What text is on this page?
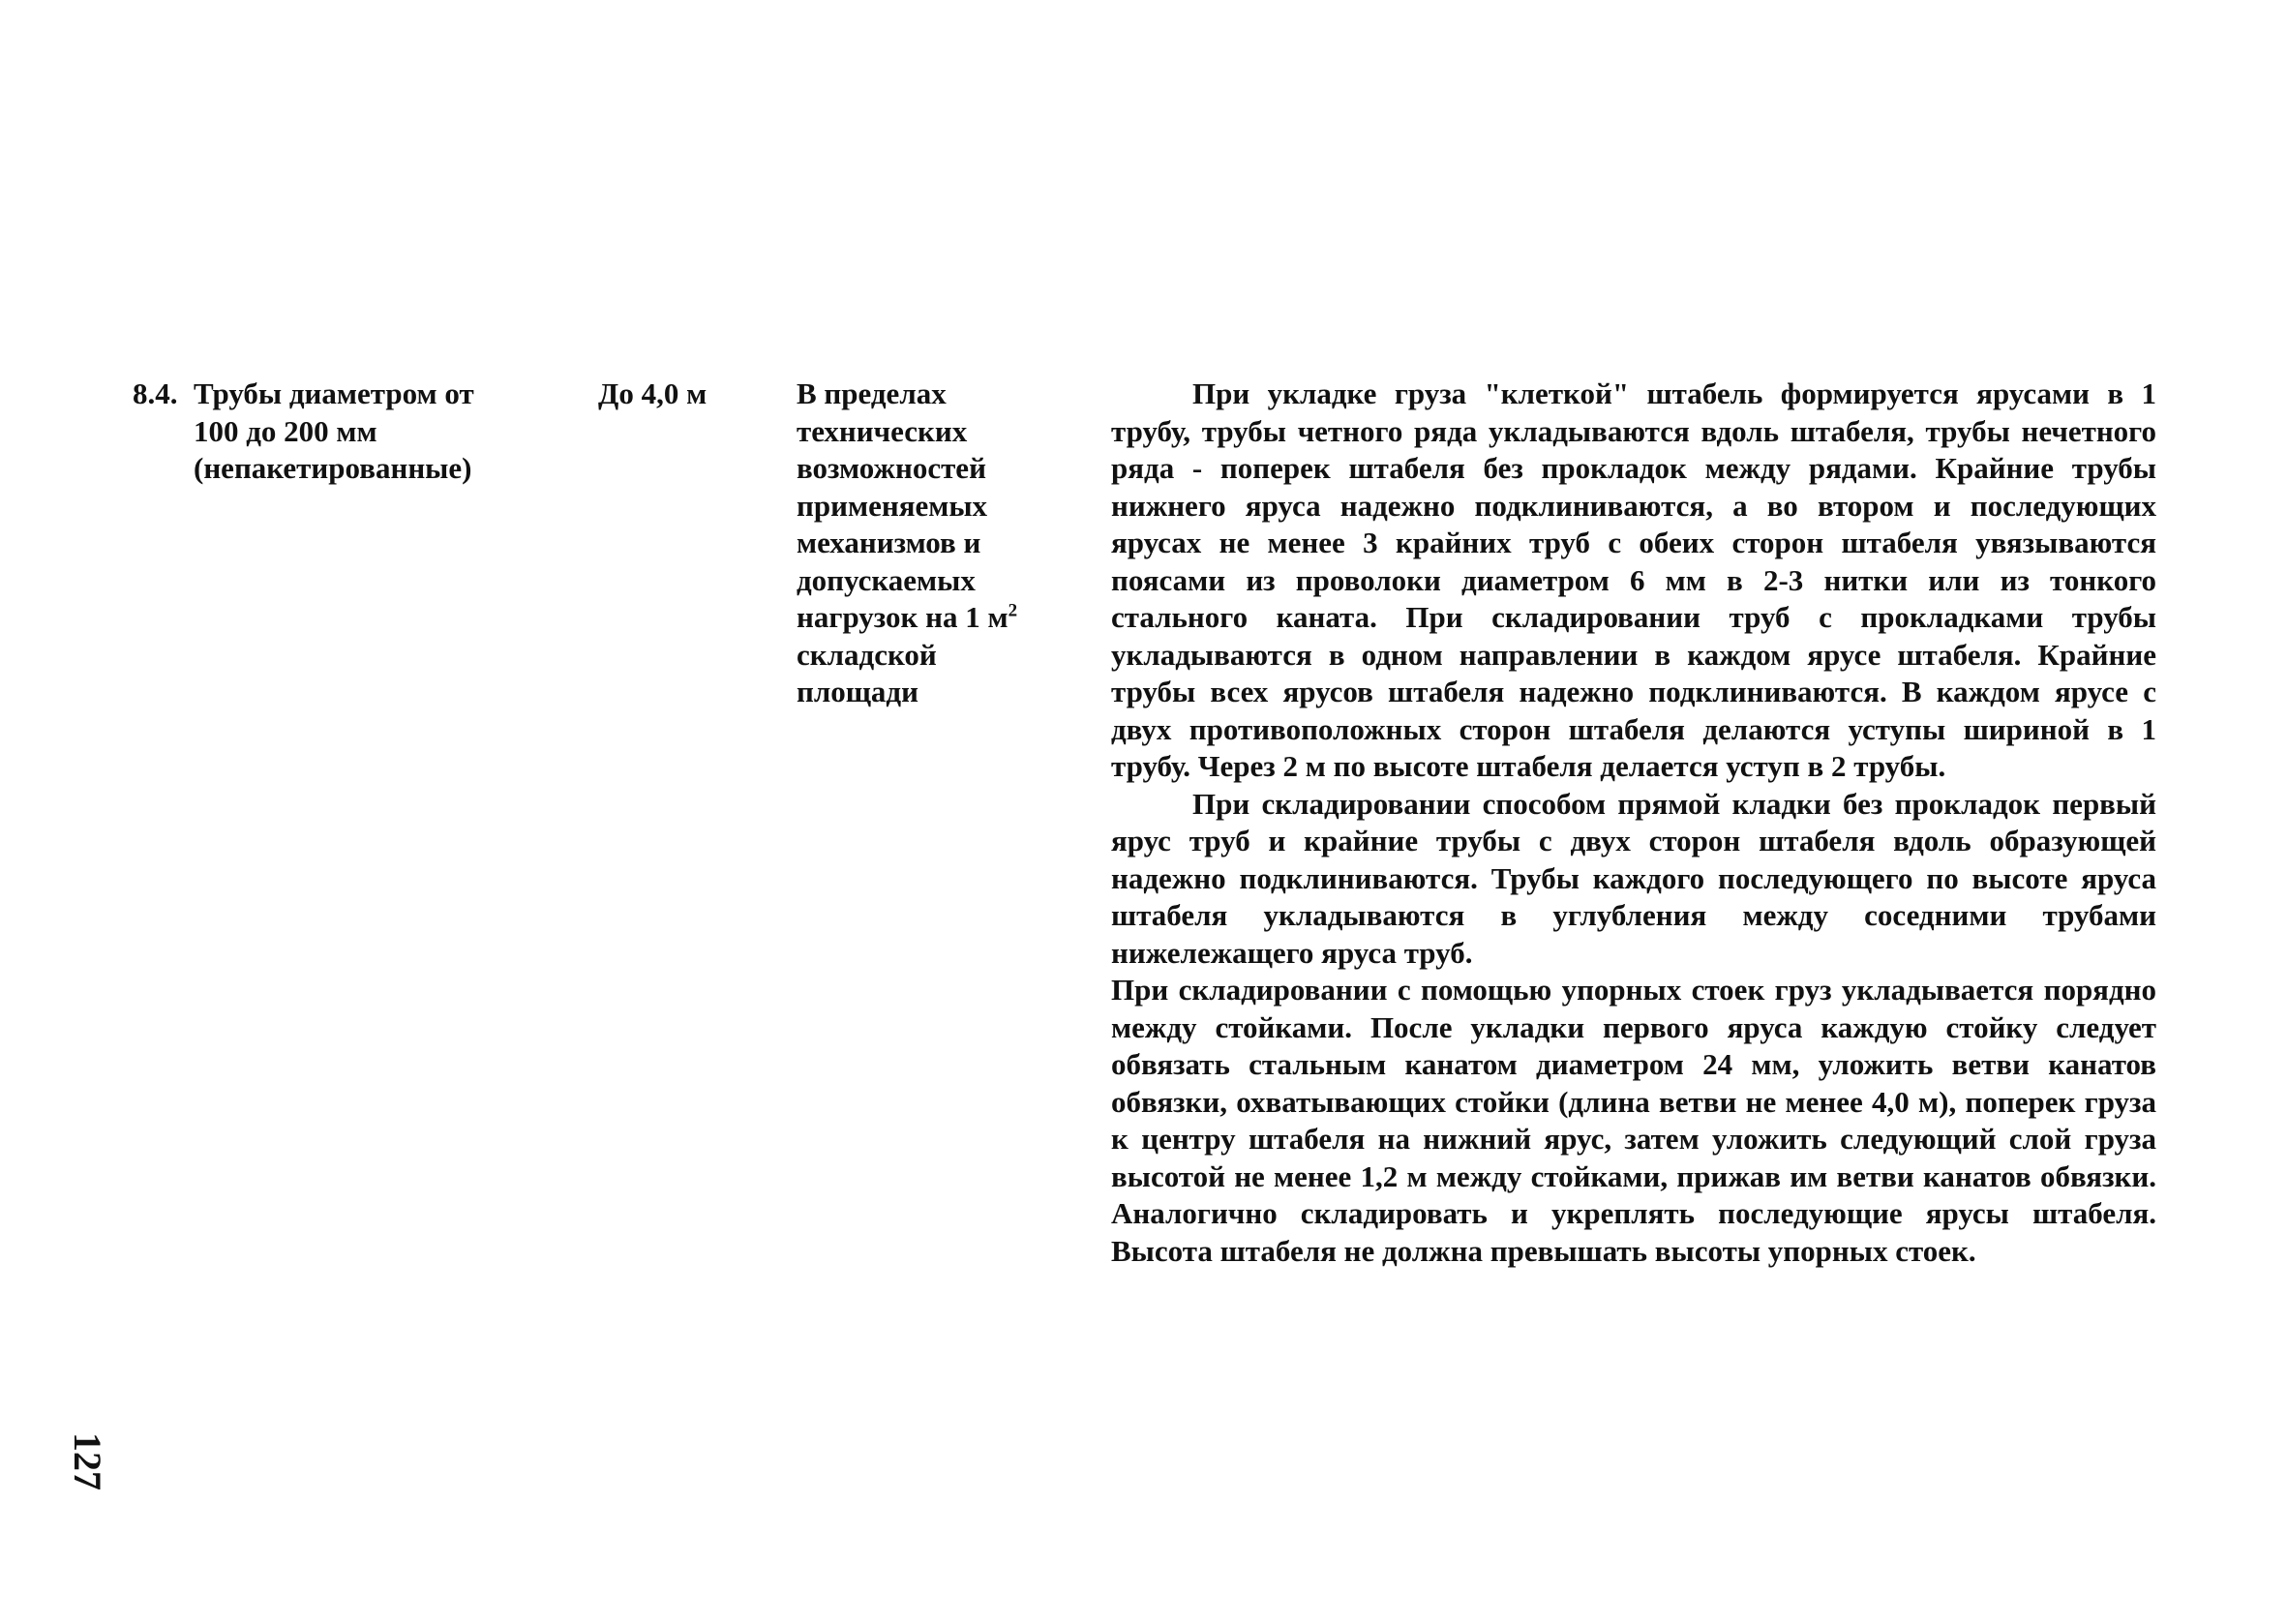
8.4. Трубы диаметром от
100 до 200 мм
(непакетированные)
До 4,0 м	В пределах технических возможностей применяемых механизмов и допускаемых нагрузок на 1 $м^2$ складской площади

При укладке груза "клеткой" штабель формируется ярусами в 1 трубу, трубы четного ряда укладываются вдоль штабеля, трубы нечетного ряда - поперек штабеля без прокладок между рядами. Крайние трубы нижнего яруса надежно подклиниваются, а во втором и последующих ярусах не менее 3 крайних труб с обеих сторон штабеля увязываются поясами из проволоки диаметром 6 мм в 2-3 нитки или из тонкого стального каната. При складировании труб с прокладками трубы укладываются в одном направлении в каждом ярусе штабеля. Крайние трубы всех ярусов штабеля надежно подклиниваются. В каждом ярусе с двух противоположных сторон штабеля делаются уступы шириной в 1 трубу. Через 2 м по высоте штабеля делается уступ в 2 трубы.

При складировании способом прямой кладки без прокладок первый ярус труб и крайние трубы с двух сторон штабеля вдоль образующей надежно подклиниваются. Трубы каждого последующего по высоте яруса штабеля укладываются в углубления между соседними трубами нижележащего яруса труб.

При складировании с помощью упорных стоек груз укладывается порядно между стойками. После укладки первого яруса каждую стойку следует обвязать стальным канатом диаметром 24 мм, уложить ветви канатов обвязки, охватывающих стойки (длина ветви не менее 4,0 м), поперек груза к центру штабеля на нижний ярус, затем уложить следующий слой груза высотой не менее 1,2 м между стойками, прижав им ветви канатов обвязки. Аналогично складировать и укреплять последующие ярусы штабеля. Высота штабеля не должна превышать высоты упорных стоек.

127
